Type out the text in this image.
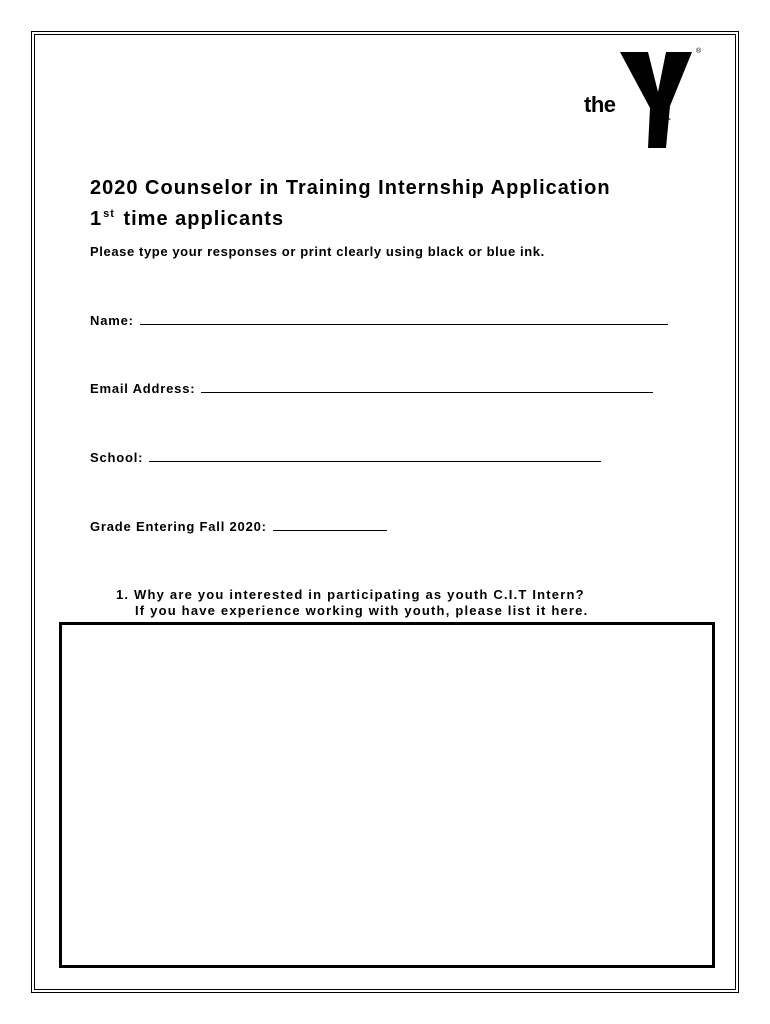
the
YMCA
®
2020 Counselor in Training Internship Application
1st time applicants
Please type your responses or print clearly using black or blue ink.
Name:
Email Address:
School:
Grade Entering Fall 2020:
1. Why are you interested in participating as youth C.I.T Intern?
If you have experience working with youth, please list it here.
